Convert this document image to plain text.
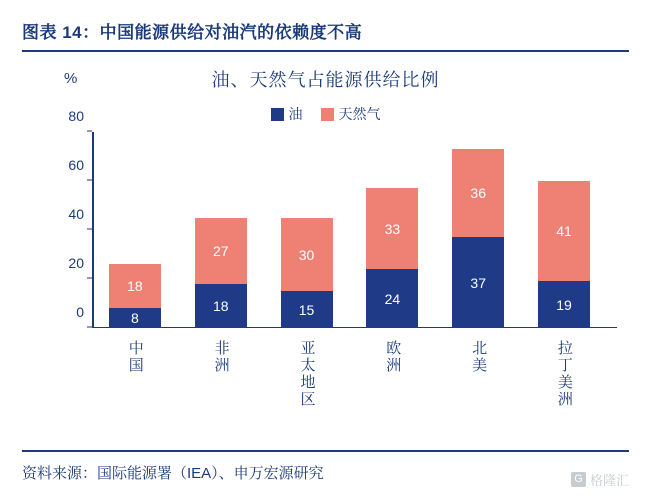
图表 14：中国能源供给对油汽的依赖度不高
%	油、天然气占能源供给比例
油	天然气
0
20
40
60
80
18
8
中国
27
18
非洲
30
15
亚太地区
33
24
欧洲
36
37
北美
41
19
拉丁美洲
资料来源：国际能源署（IEA）、申万宏源研究	G 格隆汇
